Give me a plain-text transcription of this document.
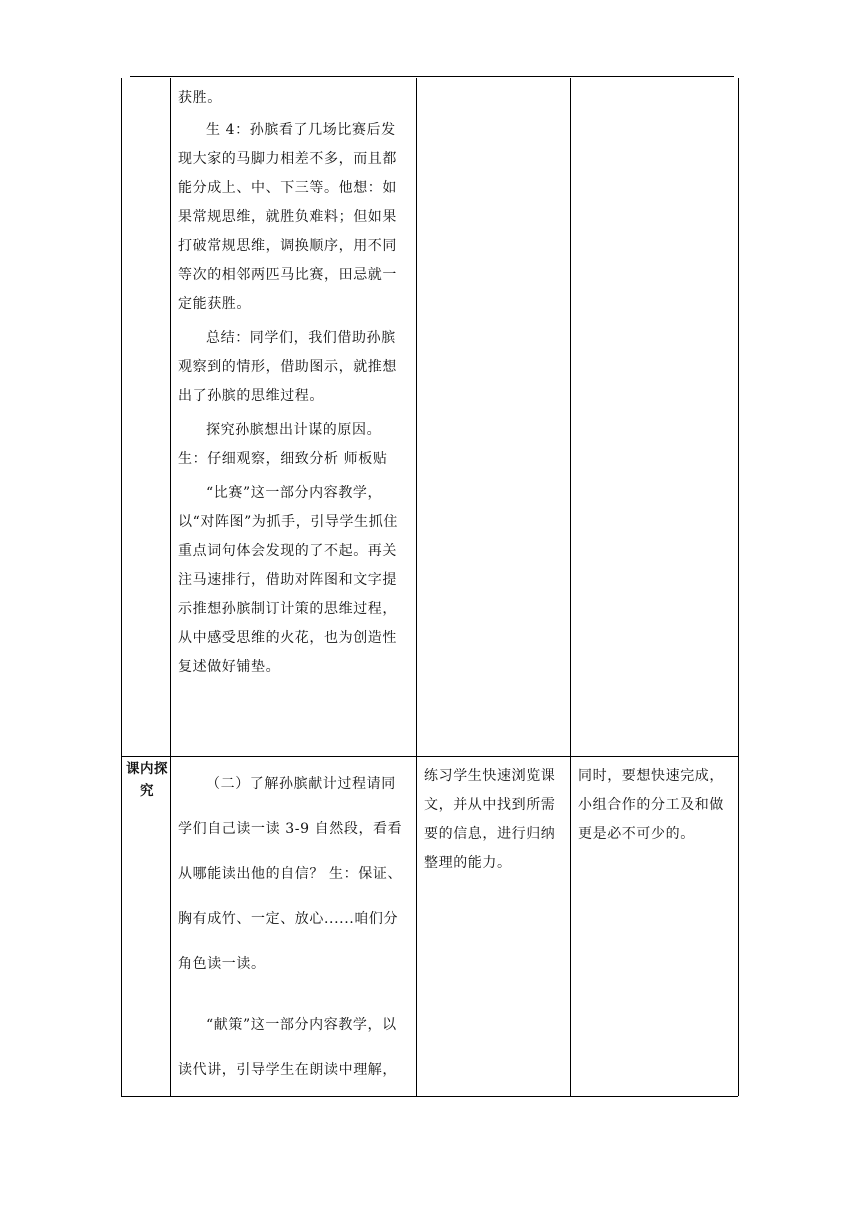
获胜。

生 4：孙膑看了几场比赛后发现大家的马脚力相差不多，而且都能分成上、中、下三等。他想：如果常规思维，就胜负难料；但如果打破常规思维，调换顺序，用不同等次的相邻两匹马比赛，田忌就一定能获胜。

总结：同学们，我们借助孙膑观察到的情形，借助图示，就推想出了孙膑的思维过程。

探究孙膑想出计谋的原因。生：仔细观察，细致分析 师板贴

“比赛”这一部分内容教学，以“对阵图”为抓手，引导学生抓住重点词句体会发现的了不起。再关注马速排行，借助对阵图和文字提示推想孙膑制订计策的思维过程，从中感受思维的火花，也为创造性复述做好铺垫。

课内探究	（二）了解孙膑献计过程请同学们自己读一读 3-9 自然段，看看从哪能读出他的自信？ 生：保证、胸有成竹、一定、放心......咱们分角色读一读。

“献策”这一部分内容教学，以读代讲，引导学生在朗读中理解，

练习学生快速浏览课文，并从中找到所需要的信息，进行归纳整理的能力。
同时，要想快速完成，小组合作的分工及和做更是必不可少的。
